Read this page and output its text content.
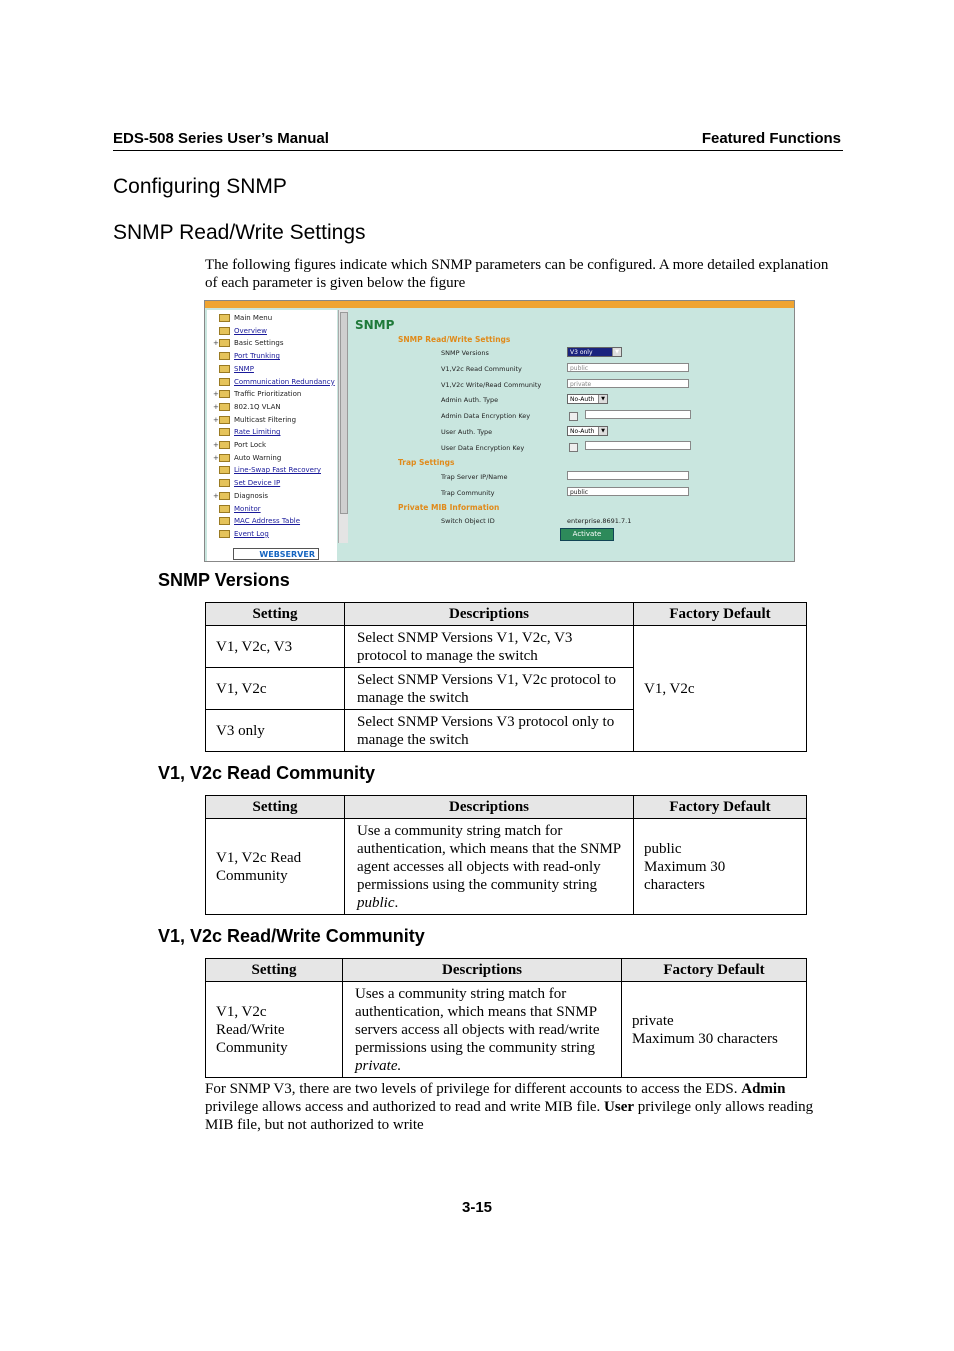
EDS-508 Series User’s Manual	Featured Functions
Configuring SNMP
SNMP Read/Write Settings
The following figures indicate which SNMP parameters can be configured. A more detailed explanation of each parameter is given below the figure
Main Menu
Overview
+ Basic Settings
Port Trunking
SNMP
Communication Redundancy
+ Traffic Prioritization
+ 802.1Q VLAN
+ Multicast Filtering
Rate Limiting
+ Port Lock
+ Auto Warning
Line-Swap Fast Recovery
Set Device IP
+ Diagnosis
Monitor
MAC Address Table
Event Log
WEBSERVER
SNMP
SNMP Read/Write Settings
SNMP Versions	V3 only	▼
V1,V2c Read Community	public
V1,V2c Write/Read Community	private
Admin Auth. Type	No-Auth	▼
Admin Data Encryption Key
User Auth. Type	No-Auth	▼
User Data Encryption Key
Trap Settings
Trap Server IP/Name
Trap Community	public
Private MIB Information
Switch Object ID	enterprise.8691.7.1
Activate
SNMP Versions
Setting	Descriptions	Factory Default
V1, V2c, V3	Select SNMP Versions V1, V2c, V3 protocol to manage the switch	V1, V2c
V1, V2c	Select SNMP Versions V1, V2c protocol to manage the switch	
V3 only	Select SNMP Versions V3 protocol only to manage the switch	
V1, V2c Read Community
Setting	Descriptions	Factory Default
V1, V2c Read Community	Use a community string match for authentication, which means that the SNMP agent accesses all objects with read-only permissions using the community string public.	public
Maximum 30 characters
V1, V2c Read/Write Community
Setting	Descriptions	Factory Default

V1, V2c Read/Write Community	Uses a community string match for authentication, which means that SNMP servers access all objects with read/write permissions using the community string private.	private
Maximum 30 characters
For SNMP V3, there are two levels of privilege for different accounts to access the EDS. Admin privilege allows access and authorized to read and write MIB file. User privilege only allows reading MIB file, but not authorized to write
3-15
